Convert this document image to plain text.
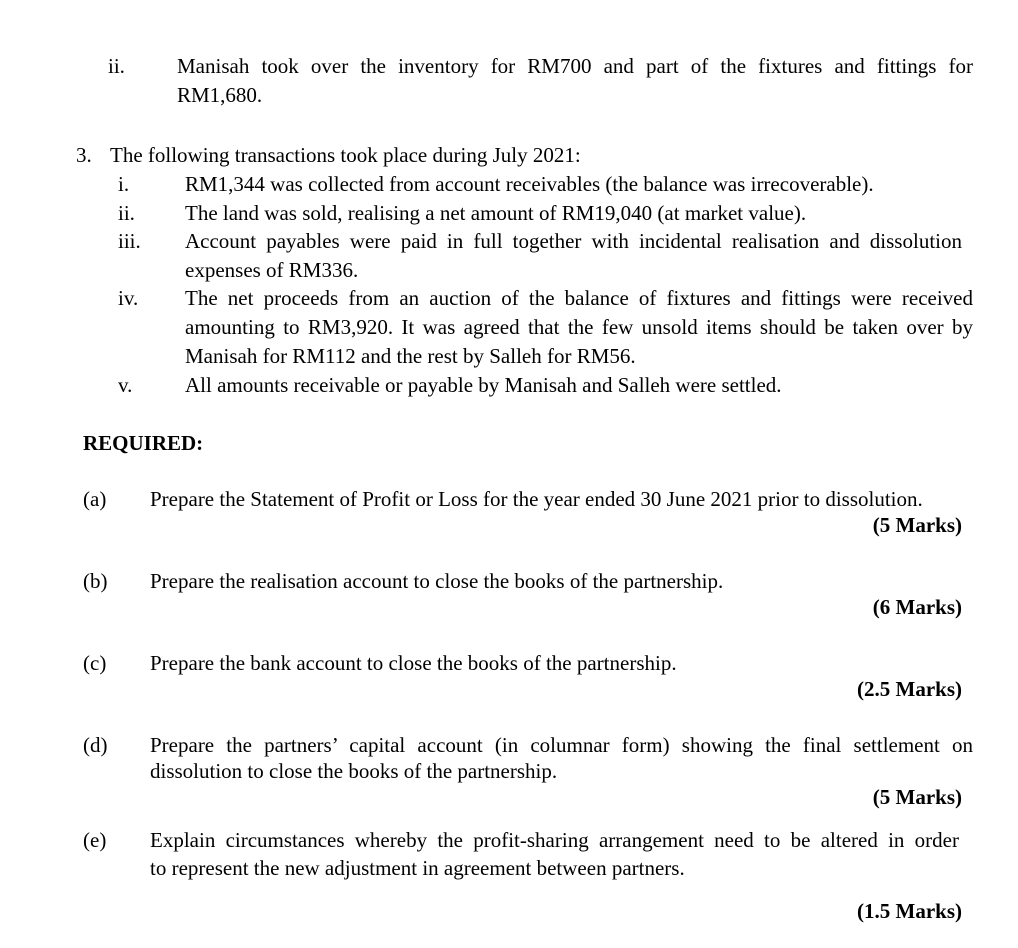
ii. Manisah took over the inventory for RM700 and part of the fixtures and fittings for
RM1,680.
3. The following transactions took place during July 2021:
i.	RM1,344 was collected from account receivables (the balance was irrecoverable).
ii. The land was sold, realising a net amount of RM19,040 (at market value).
iii. Account payables were paid in full together with incidental realisation and dissolution
expenses of RM336.
iv. The net proceeds from an auction of the balance of fixtures and fittings were received
amounting to RM3,920. It was agreed that the few unsold items should be taken over by
Manisah for RM112 and the rest by Salleh for RM56.
v.	All amounts receivable or payable by Manisah and Salleh were settled.
REQUIRED:
(a) Prepare the Statement of Profit or Loss for the year ended 30 June 2021 prior to dissolution.
(5 Marks)
(b) Prepare the realisation account to close the books of the partnership.
(6 Marks)
(c) Prepare the bank account to close the books of the partnership.
(2.5 Marks)
(d) Prepare the partners’ capital account (in columnar form) showing the final settlement on
dissolution to close the books of the partnership.
(5 Marks)
(e) Explain circumstances whereby the profit-sharing arrangement need to be altered in order
to represent the new adjustment in agreement between partners.
(1.5 Marks)
